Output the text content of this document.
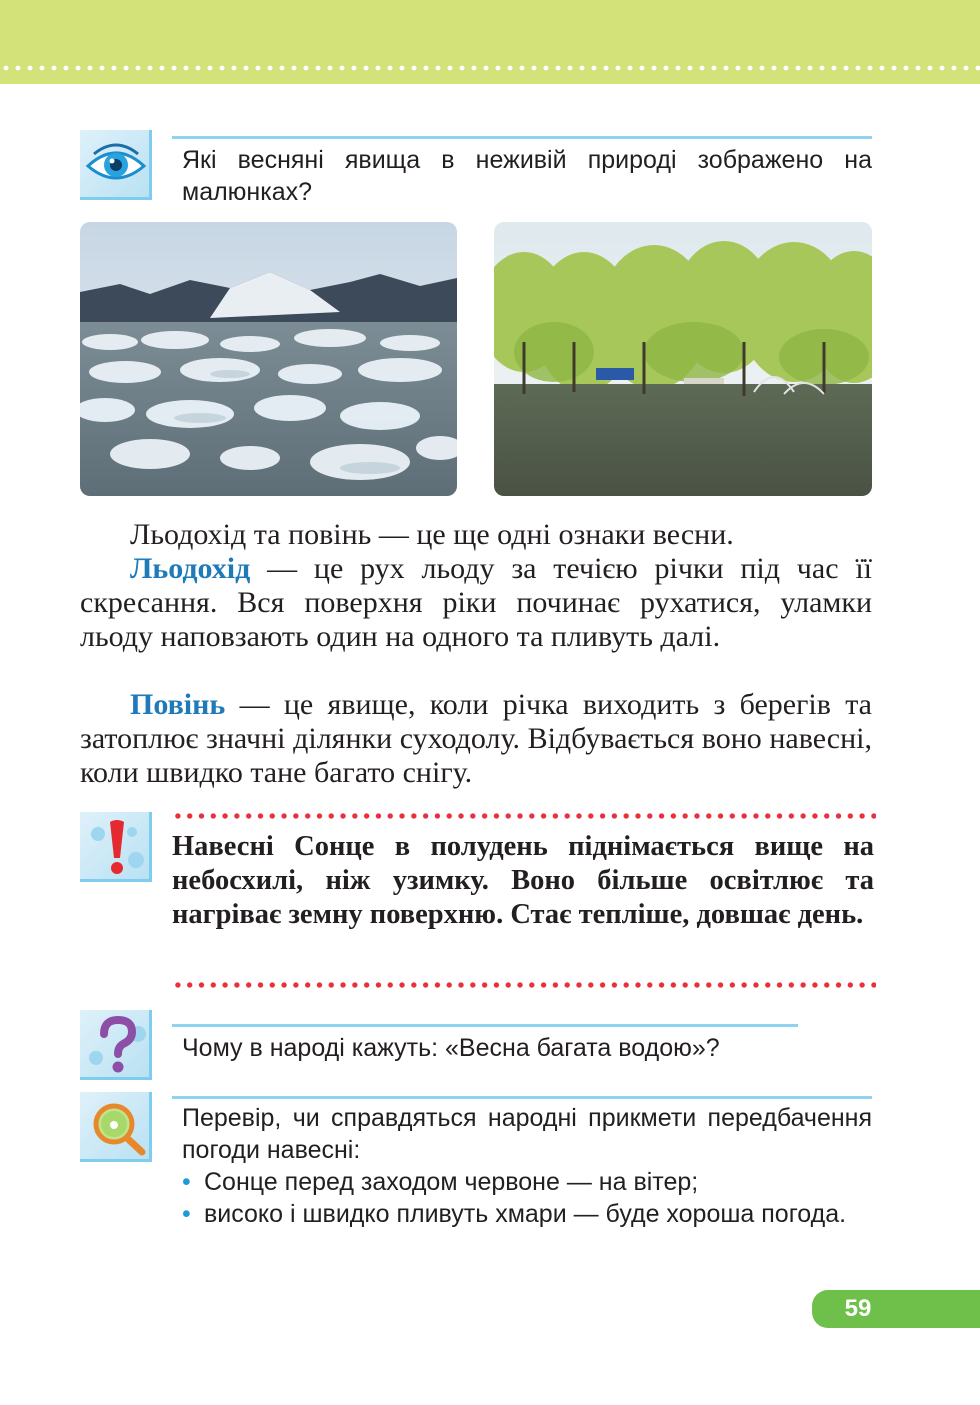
Які весняні явища в неживій природі зображено на малюнках?
Льодохід та повінь — це ще одні ознаки весни.
Льодохід — це рух льоду за течією річки під час її скресання. Вся поверхня ріки починає рухатися, уламки льоду наповзають один на одного та пливуть далі.
Повінь — це явище, коли річка виходить з берегів та затоплює значні ділянки суходолу. Відбувається воно навесні, коли швидко тане багато снігу.
Навесні Сонце в полудень піднімається вище на небосхилі, ніж узимку. Воно більше освітлює та нагріває земну поверхню. Стає тепліше, довшає день.
Чому в народі кажуть: «Весна багата водою»?
Перевір, чи справдяться народні прикмети передбачення погоди навесні:
• Сонце перед заходом червоне — на вітер;
• високо і швидко пливуть хмари — буде хороша погода.
59
